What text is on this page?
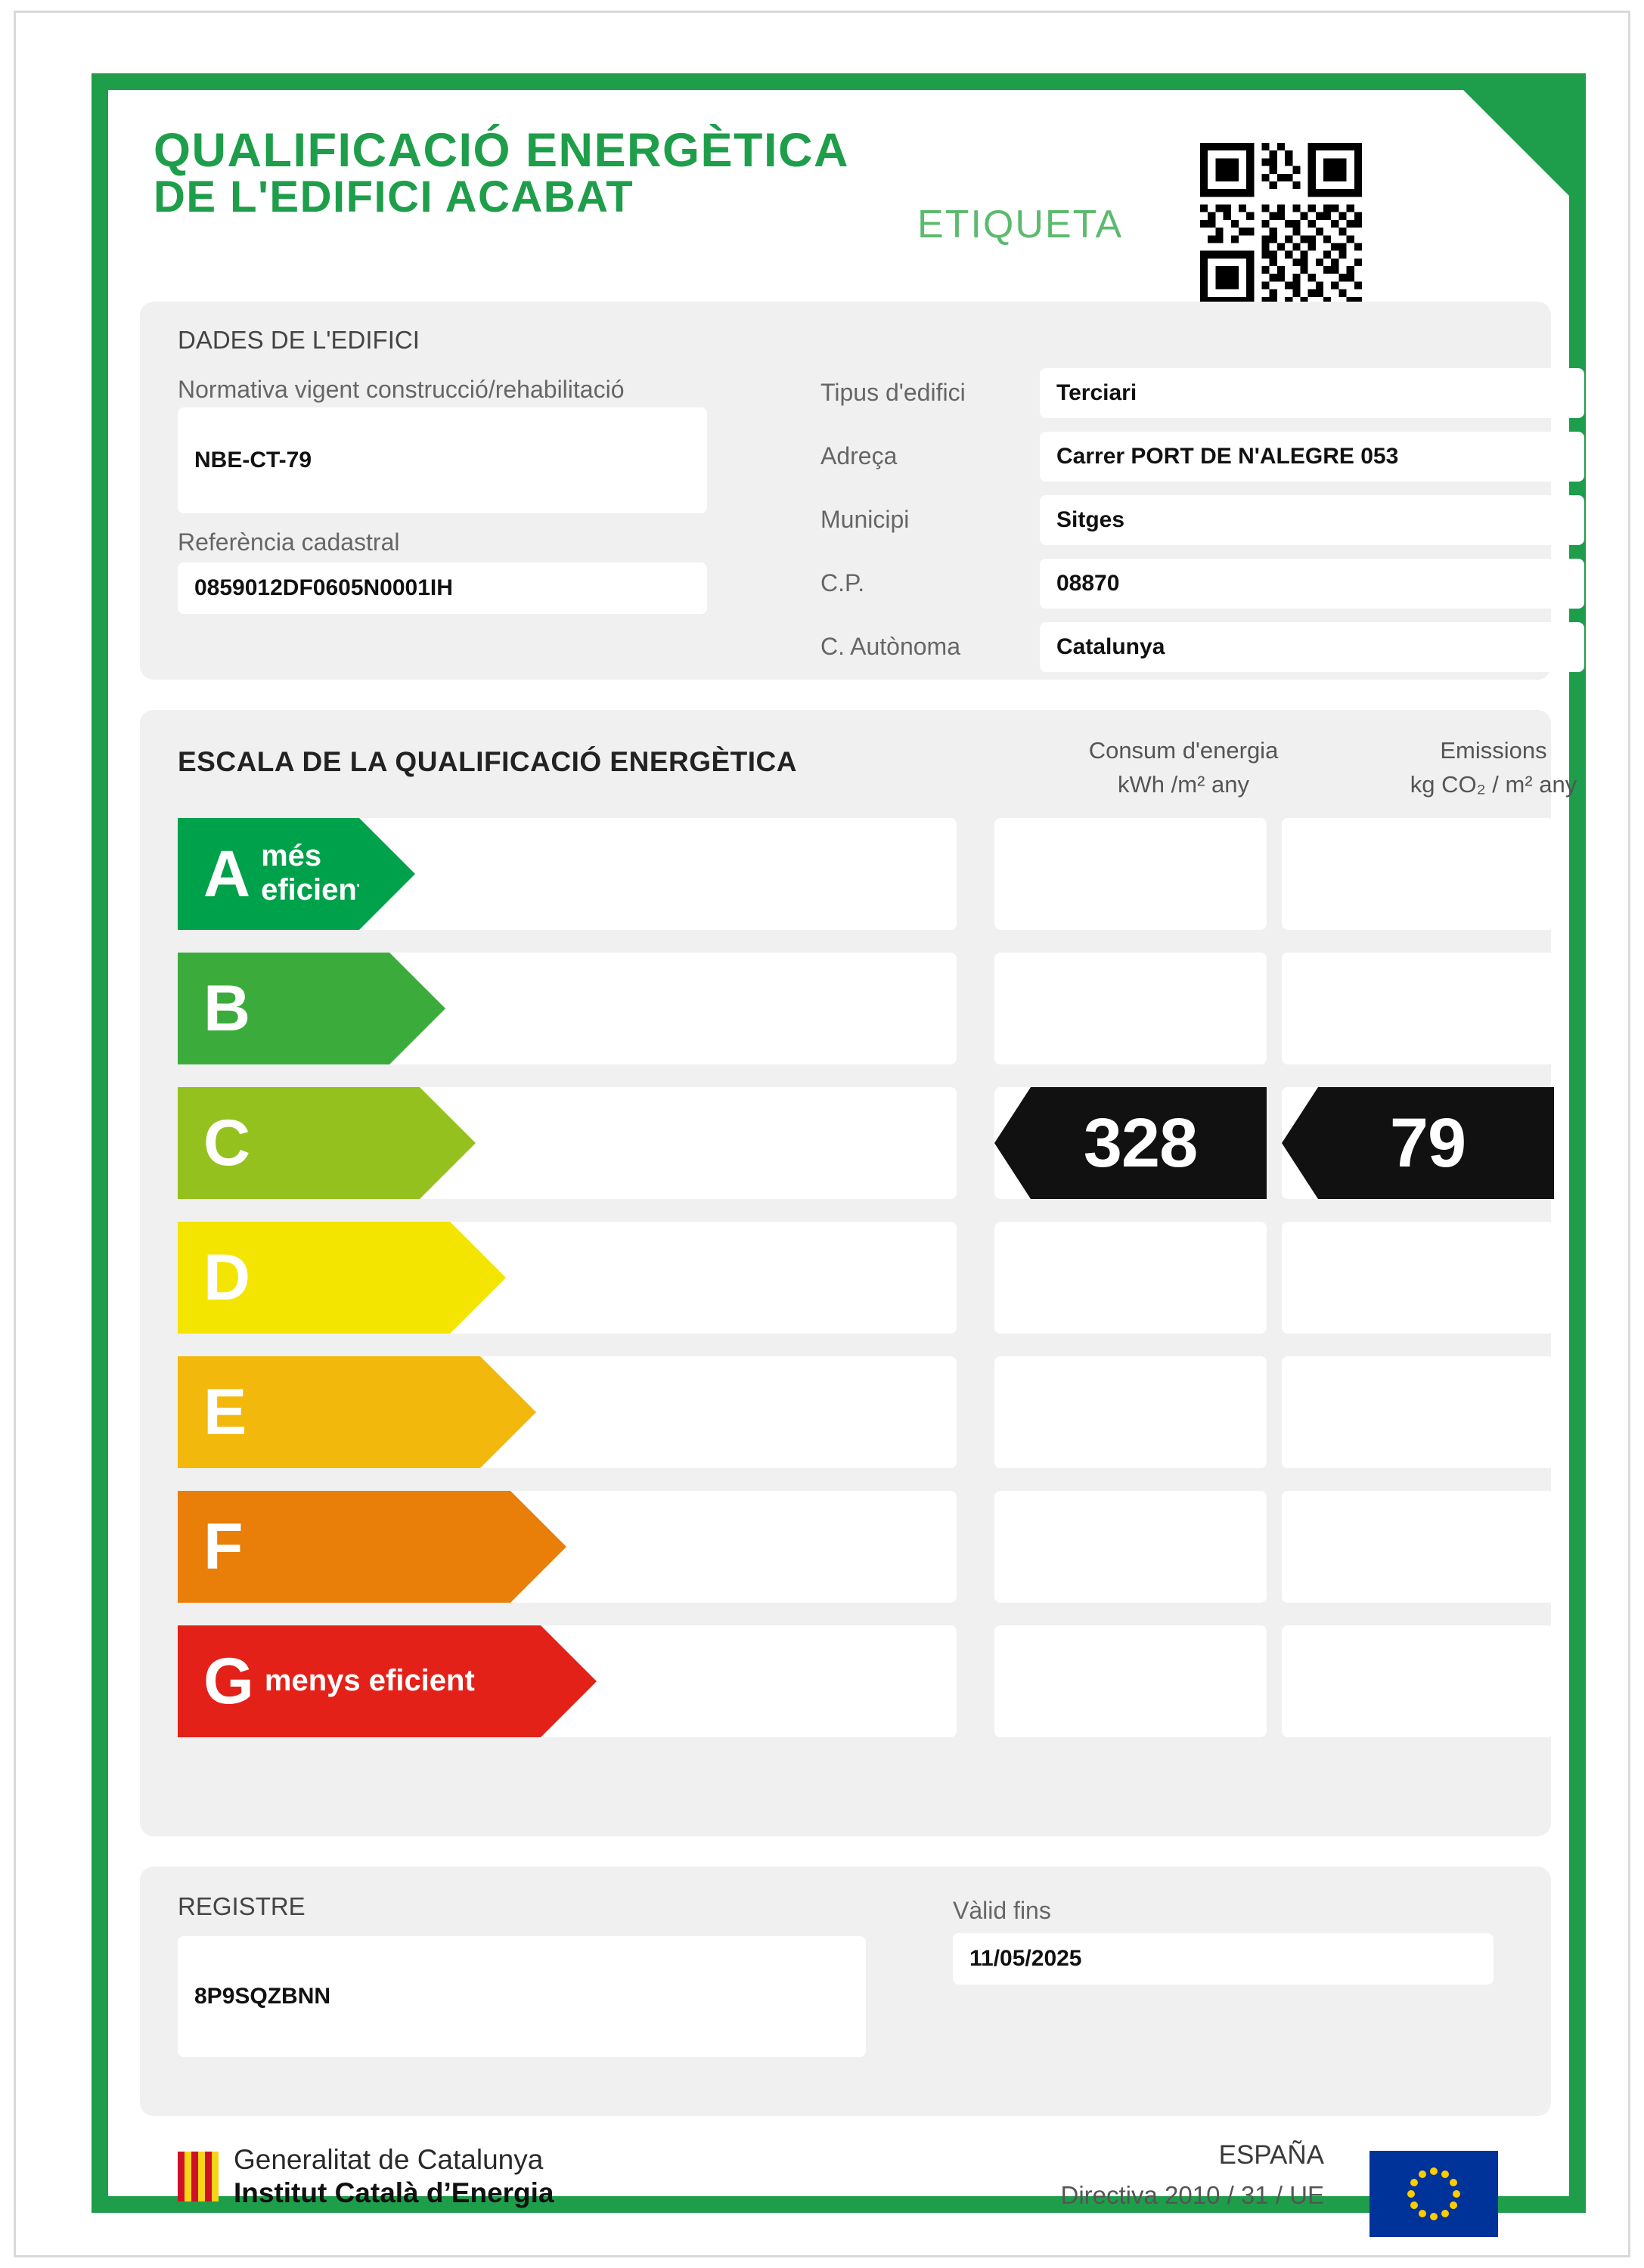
QUALIFICACIÓ ENERGÈTICA
DE L'EDIFICI ACABAT
ETIQUETA
DADES DE L'EDIFICI
Normativa vigent construcció/rehabilitació
NBE-CT-79
Referència cadastral
0859012DF0605N0001IH
Tipus d'edifici	Terciari
Adreça	Carrer PORT DE N'ALEGRE 053
Municipi	Sitges
C.P.	08870
C. Autònoma	Catalunya
ESCALA DE LA QUALIFICACIÓ ENERGÈTICA	Consum d'energia
kWh /m² any
Emissions
kg CO₂ / m² any
A més eficient
B
C	328	79
D
E
F
G menys eficient
REGISTRE
8P9SQZBNN
Vàlid fins
11/05/2025
Generalitat de Catalunya
Institut Català d’Energia
ESPAÑA
Directiva 2010 / 31 / UE
